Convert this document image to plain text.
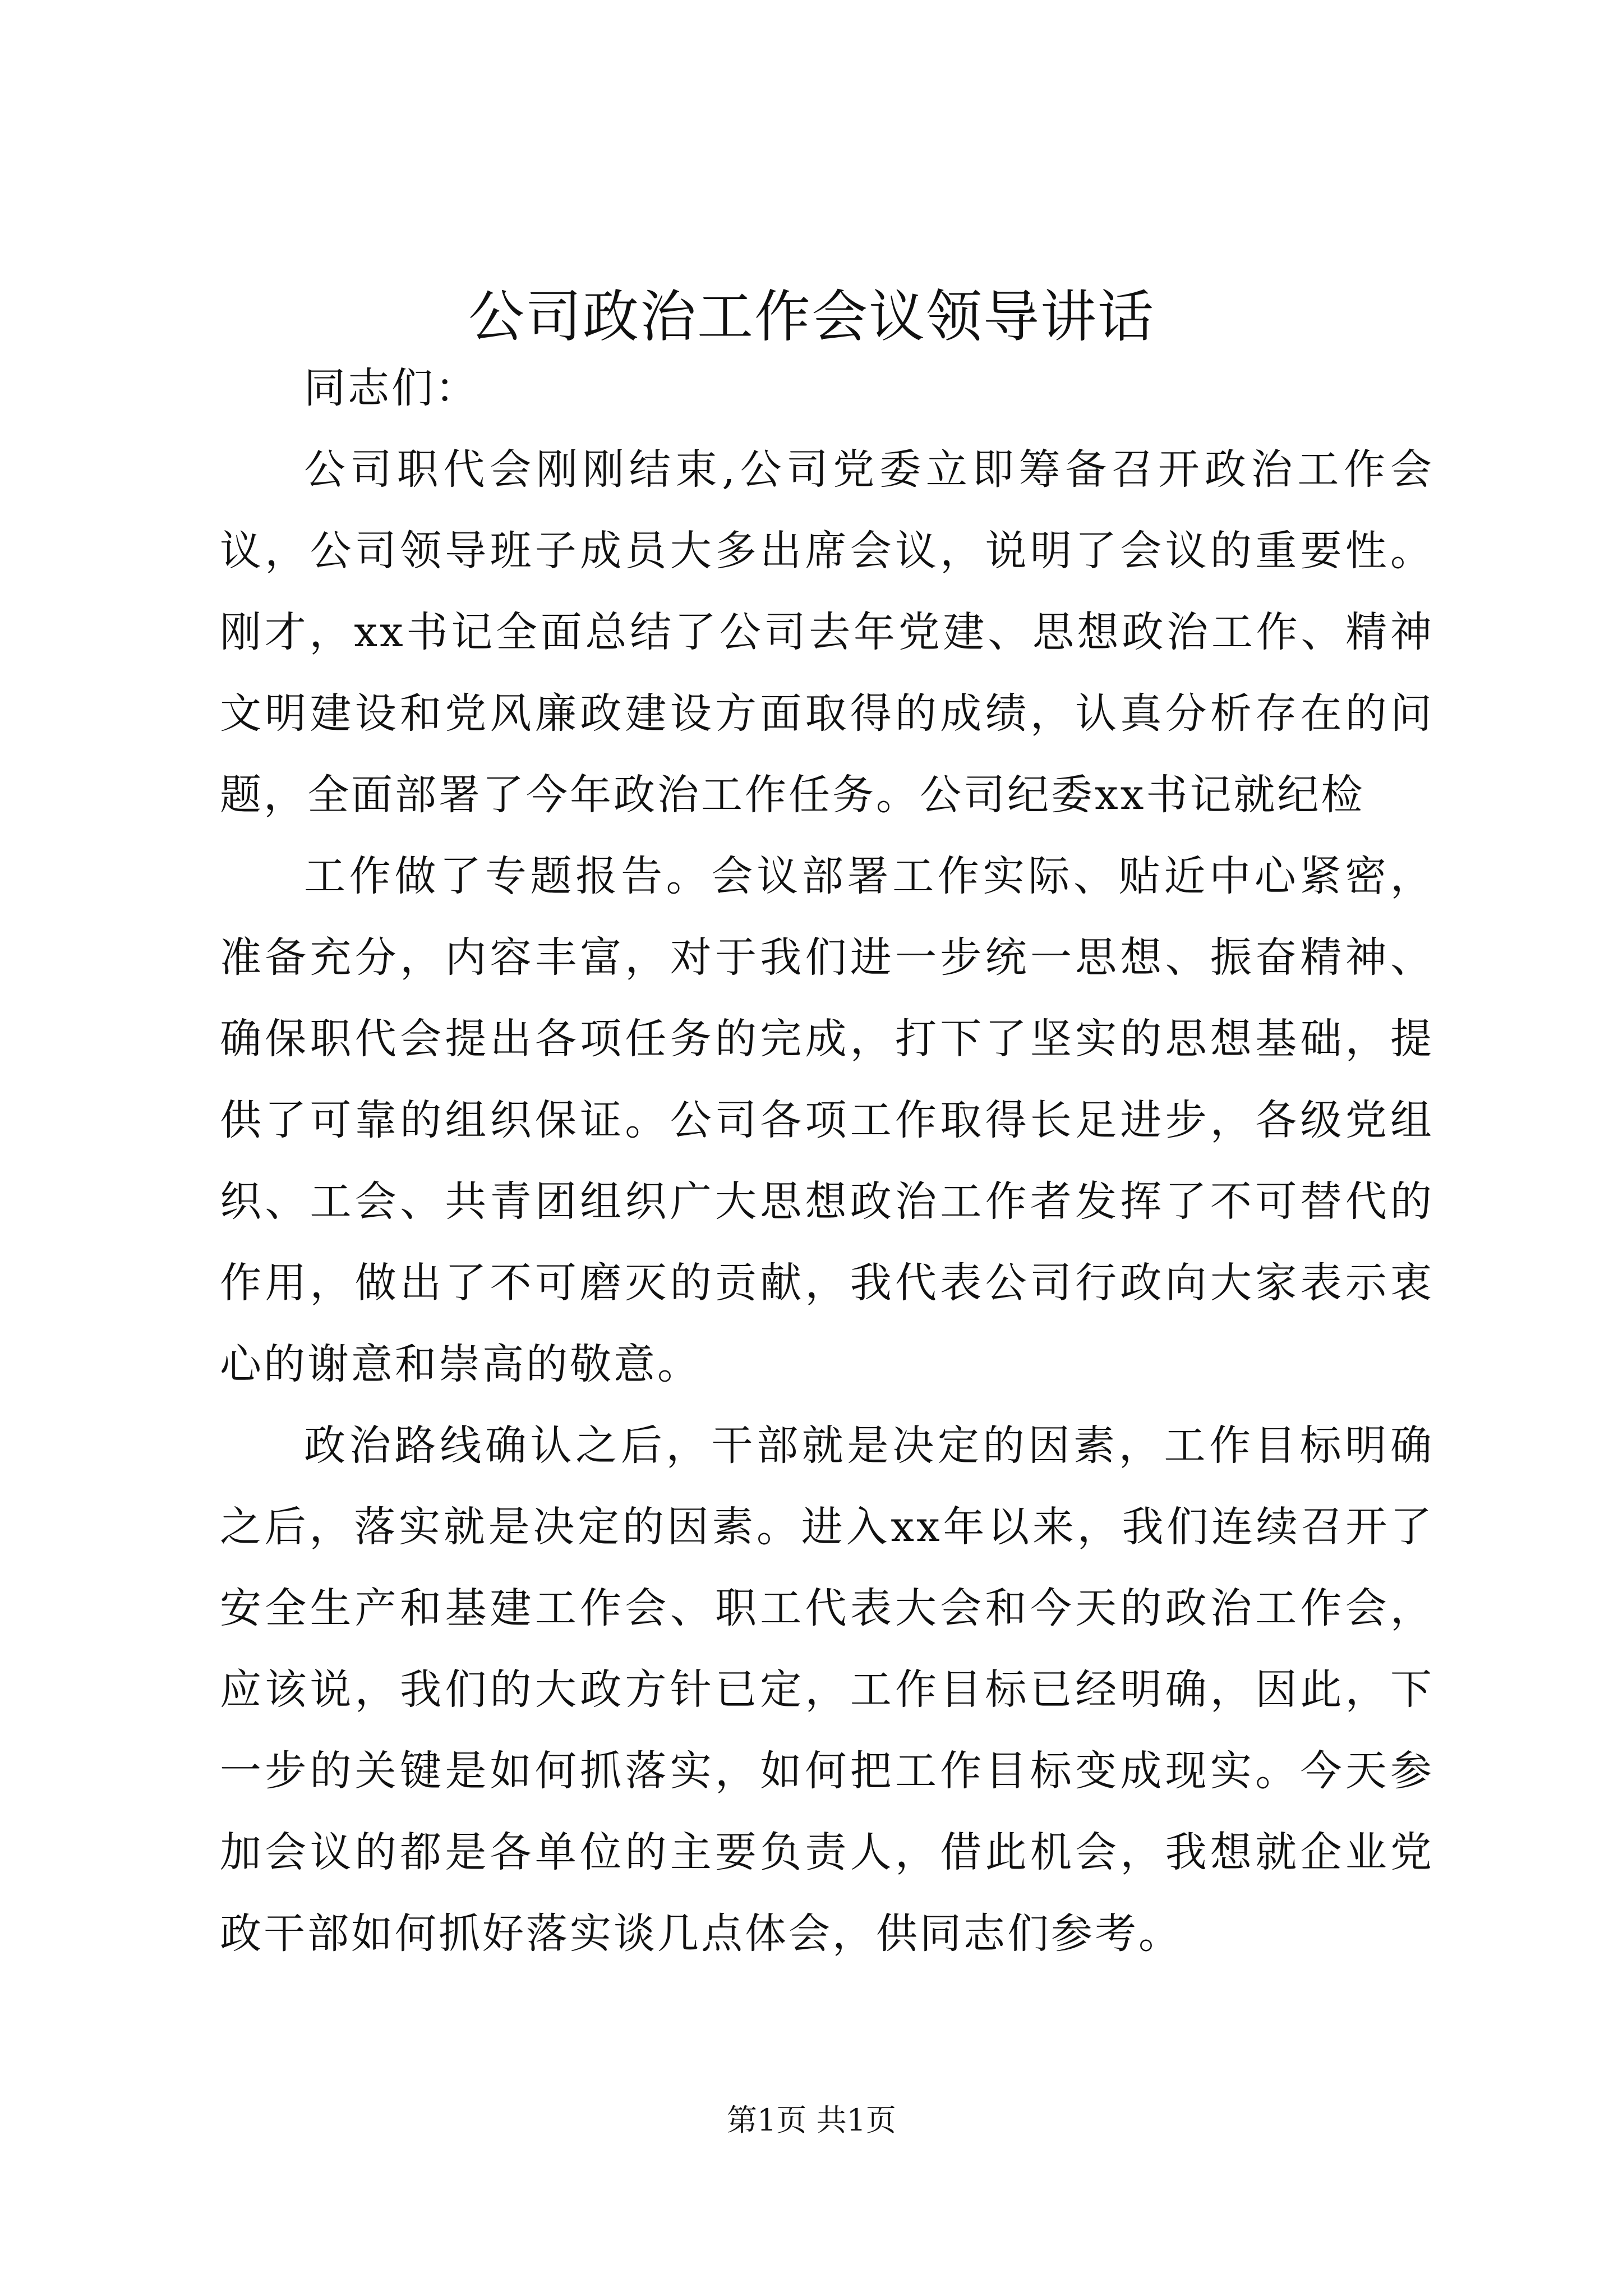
公司政治工作会议领导讲话

同志们：

公司职代会刚刚结束,公司党委立即筹备召开政治工作会议，公司领导班子成员大多出席会议，说明了会议的重要性。刚才，xx书记全面总结了公司去年党建、思想政治工作、精神文明建设和党风廉政建设方面取得的成绩，认真分析存在的问题，全面部署了今年政治工作任务。公司纪委xx书记就纪检

工作做了专题报告。会议部署工作实际、贴近中心紧密，准备充分，内容丰富，对于我们进一步统一思想、振奋精神、确保职代会提出各项任务的完成，打下了坚实的思想基础，提供了可靠的组织保证。公司各项工作取得长足进步，各级党组织、工会、共青团组织广大思想政治工作者发挥了不可替代的作用，做出了不可磨灭的贡献，我代表公司行政向大家表示衷心的谢意和崇高的敬意。

政治路线确认之后，干部就是决定的因素，工作目标明确之后，落实就是决定的因素。进入xx年以来，我们连续召开了安全生产和基建工作会、职工代表大会和今天的政治工作会，应该说，我们的大政方针已定，工作目标已经明确，因此，下一步的关键是如何抓落实，如何把工作目标变成现实。今天参加会议的都是各单位的主要负责人，借此机会，我想就企业党政干部如何抓好落实谈几点体会，供同志们参考。

第1页 共1页
